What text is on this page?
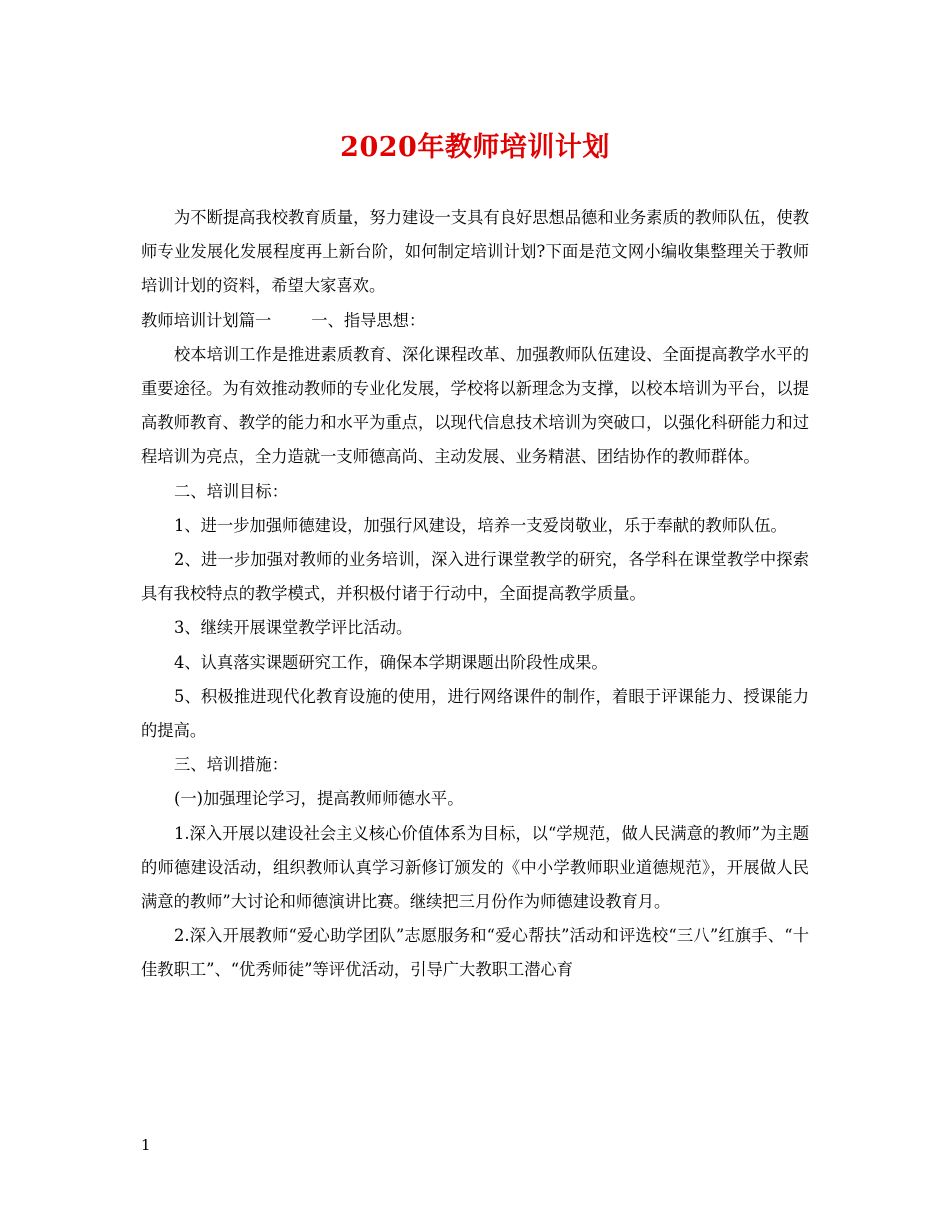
2020年教师培训计划

为不断提高我校教育质量，努力建设一支具有良好思想品德和业务素质的教师队伍，使教师专业发展化发展程度再上新台阶，如何制定培训计划?下面是范文网小编收集整理关于教师培训计划的资料，希望大家喜欢。

教师培训计划篇一 一、指导思想：

校本培训工作是推进素质教育、深化课程改革、加强教师队伍建设、全面提高教学水平的重要途径。为有效推动教师的专业化发展，学校将以新理念为支撑，以校本培训为平台，以提高教师教育、教学的能力和水平为重点，以现代信息技术培训为突破口，以强化科研能力和过程培训为亮点，全力造就一支师德高尚、主动发展、业务精湛、团结协作的教师群体。

二、培训目标：

1、进一步加强师德建设，加强行风建设，培养一支爱岗敬业，乐于奉献的教师队伍。

2、进一步加强对教师的业务培训，深入进行课堂教学的研究，各学科在课堂教学中探索具有我校特点的教学模式，并积极付诸于行动中，全面提高教学质量。

3、继续开展课堂教学评比活动。

4、认真落实课题研究工作，确保本学期课题出阶段性成果。

5、积极推进现代化教育设施的使用，进行网络课件的制作，着眼于评课能力、授课能力的提高。

三、培训措施：

(一)加强理论学习，提高教师师德水平。

1.深入开展以建设社会主义核心价值体系为目标，以“学规范，做人民满意的教师”为主题的师德建设活动，组织教师认真学习新修订颁发的《中小学教师职业道德规范》，开展做人民满意的教师”大讨论和师德演讲比赛。继续把三月份作为师德建设教育月。

2.深入开展教师“爱心助学团队”志愿服务和“爱心帮扶”活动和评选校“三八”红旗手、“十佳教职工”、“优秀师徒”等评优活动，引导广大教职工潜心育

1
